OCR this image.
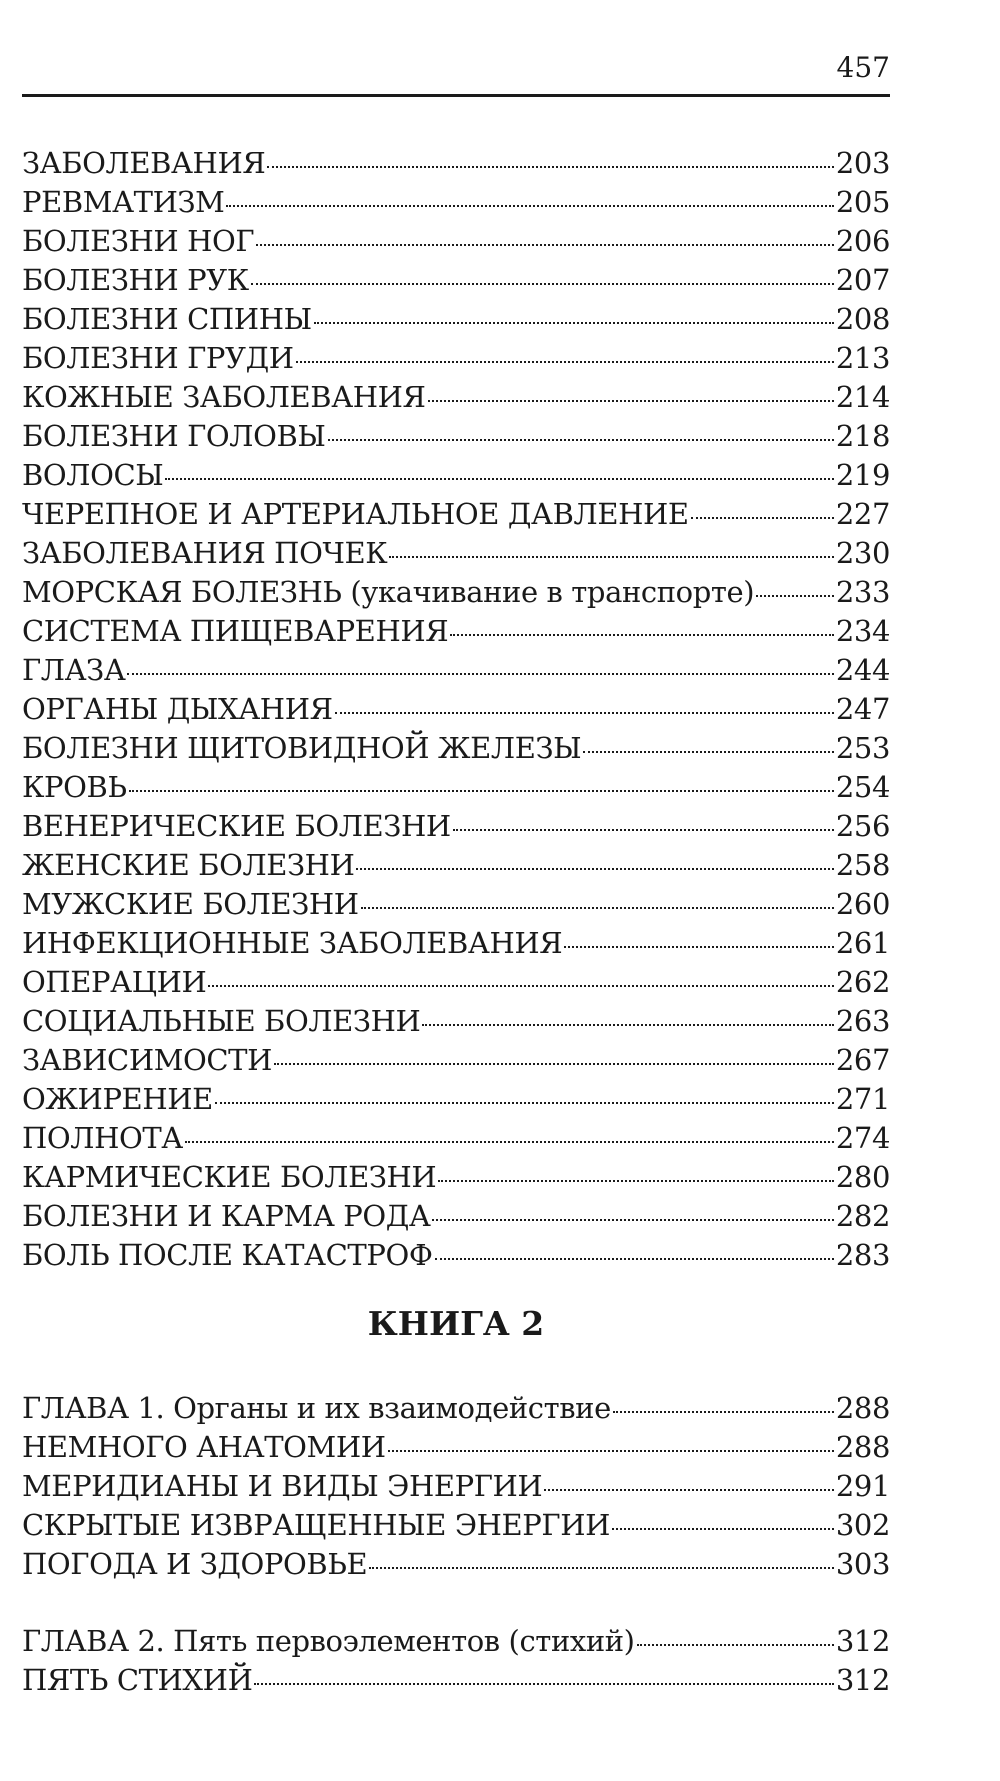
457
ЗАБОЛЕВАНИЯ	203
РЕВМАТИЗМ	205
БОЛЕЗНИ НОГ	206
БОЛЕЗНИ РУК	207
БОЛЕЗНИ СПИНЫ	208
БОЛЕЗНИ ГРУДИ	213
КОЖНЫЕ ЗАБОЛЕВАНИЯ	214
БОЛЕЗНИ ГОЛОВЫ	218
ВОЛОСЫ	219
ЧЕРЕПНОЕ И АРТЕРИАЛЬНОЕ ДАВЛЕНИЕ	227
ЗАБОЛЕВАНИЯ ПОЧЕК	230
МОРСКАЯ БОЛЕЗНЬ (укачивание в транспорте)	233
СИСТЕМА ПИЩЕВАРЕНИЯ	234
ГЛАЗА	244
ОРГАНЫ ДЫХАНИЯ	247
БОЛЕЗНИ ЩИТОВИДНОЙ ЖЕЛЕЗЫ	253
КРОВЬ	254
ВЕНЕРИЧЕСКИЕ БОЛЕЗНИ	256
ЖЕНСКИЕ БОЛЕЗНИ	258
МУЖСКИЕ БОЛЕЗНИ	260
ИНФЕКЦИОННЫЕ ЗАБОЛЕВАНИЯ	261
ОПЕРАЦИИ	262
СОЦИАЛЬНЫЕ БОЛЕЗНИ	263
ЗАВИСИМОСТИ	267
ОЖИРЕНИЕ	271
ПОЛНОТА	274
КАРМИЧЕСКИЕ БОЛЕЗНИ	280
БОЛЕЗНИ И КАРМА РОДА	282
БОЛЬ ПОСЛЕ КАТАСТРОФ	283
КНИГА 2
ГЛАВА 1. Органы и их взаимодействие	288
НЕМНОГО АНАТОМИИ	288
МЕРИДИАНЫ И ВИДЫ ЭНЕРГИИ	291
СКРЫТЫЕ ИЗВРАЩЕННЫЕ ЭНЕРГИИ	302
ПОГОДА И ЗДОРОВЬЕ	303
ГЛАВА 2. Пять первоэлементов (стихий)	312
ПЯТЬ СТИХИЙ	312
